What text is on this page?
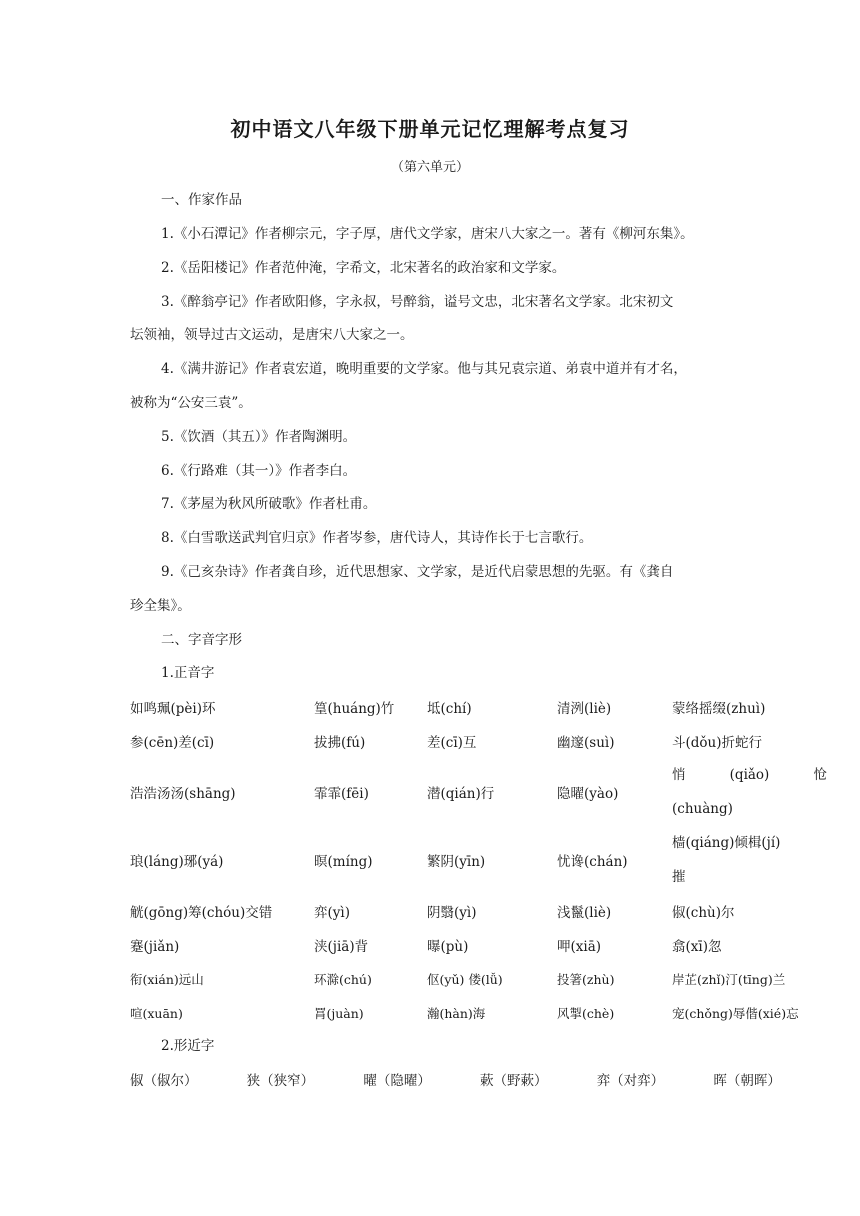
初中语文八年级下册单元记忆理解考点复习
（第六单元）
一、作家作品
1.《小石潭记》作者柳宗元，字子厚，唐代文学家，唐宋八大家之一。著有《柳河东集》。
2.《岳阳楼记》作者范仲淹，字希文，北宋著名的政治家和文学家。
3.《醉翁亭记》作者欧阳修，字永叔，号醉翁，谥号文忠，北宋著名文学家。北宋初文
坛领袖，领导过古文运动，是唐宋八大家之一。
4.《满井游记》作者袁宏道，晚明重要的文学家。他与其兄袁宗道、弟袁中道并有才名，
被称为“公安三袁”。
5.《饮酒（其五）》作者陶渊明。
6.《行路难（其一）》作者李白。
7.《茅屋为秋风所破歌》作者杜甫。
8.《白雪歌送武判官归京》作者岑参，唐代诗人，其诗作长于七言歌行。
9.《己亥杂诗》作者龚自珍，近代思想家、文学家，是近代启蒙思想的先驱。有《龚自
珍全集》。
二、字音字形
1.正音字
如鸣珮(pèi)环	篁(huáng)竹	坻(chí)	清洌(liè)	蒙络摇缀(zhuì)
参(cēn)差(cī)	拔拂(fú)	差(cī)互	幽邃(suì)	斗(dǒu)折蛇行
浩浩汤汤(shāng)	霏霏(fēi)	潜(qián)行	隐曜(yào)	悄 (qiǎo) 怆
(chuàng)

琅(láng)琊(yá)	暝(míng)	繁阴(yīn)	忧谗(chán)	樯(qiáng)倾楫(jí)
摧

觥(gōng)筹(chóu)交错	弈(yì)	阴翳(yì)	浅鬣(liè)	俶(chù)尔
蹇(jiǎn)	浃(jiā)背	曝(pù)	呷(xiā)	翕(xī)忽
衔(xián)远山	环滁(chú)	伛(yǔ) 偻(lǚ)	投箸(zhù)	岸芷(zhǐ)汀(tīng)兰
喧(xuān)	罥(juàn)	瀚(hàn)海	风掣(chè)	宠(chǒng)辱偕(xié)忘
2.形近字
俶（俶尔）	狭（狭窄）	曜（隐曜）	蔌（野蔌）	弈（对弈）	晖（朝晖）
